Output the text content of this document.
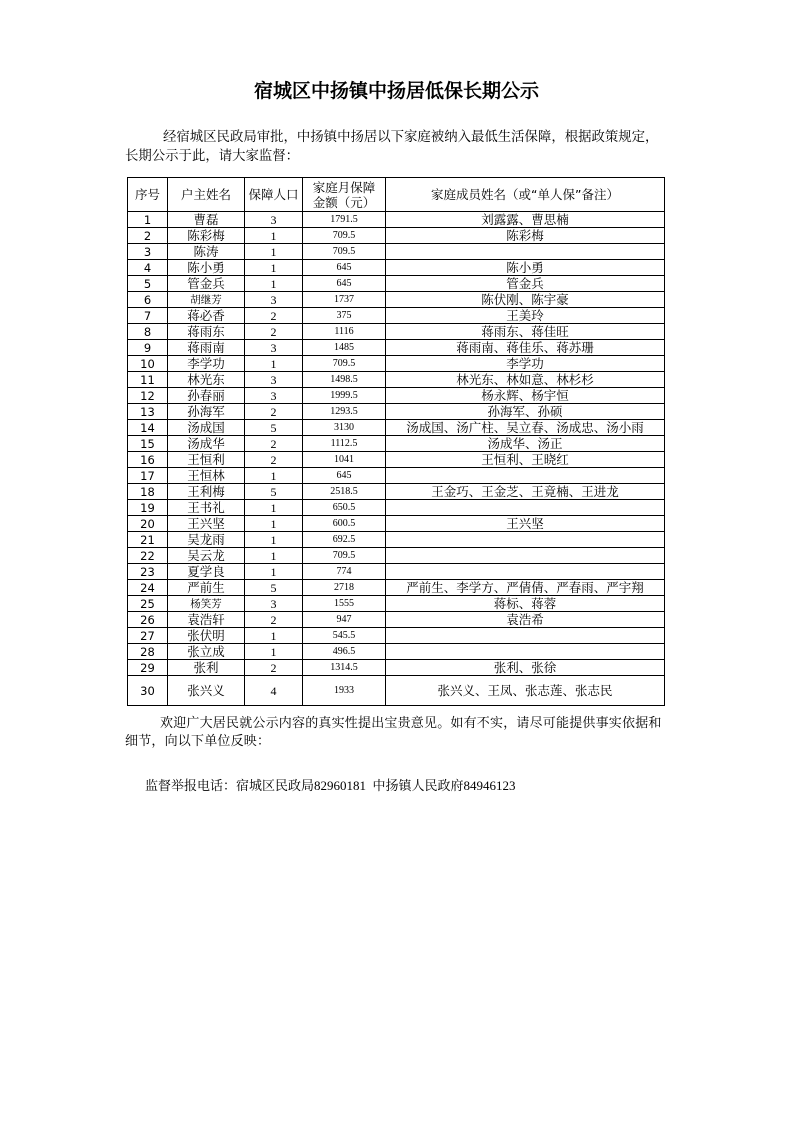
宿城区中扬镇中扬居低保长期公示
经宿城区民政局审批，中扬镇中扬居以下家庭被纳入最低生活保障，根据政策规定，长期公示于此，请大家监督：
序号	户主姓名	保障人口	家庭月保障
金额（元）	家庭成员姓名（或“单人保”备注）
1	曹磊	3	1791.5	刘露露、曹思楠
2	陈彩梅	1	709.5	陈彩梅
3	陈涛	1	709.5	
4	陈小勇	1	645	陈小勇
5	管金兵	1	645	管金兵
6	胡继芳	3	1737	陈伏刚、陈宇豪
7	蒋必香	2	375	王美玲
8	蒋雨东	2	1116	蒋雨东、蒋佳旺
9	蒋雨南	3	1485	蒋雨南、蒋佳乐、蒋苏珊
10	李学功	1	709.5	李学功
11	林光东	3	1498.5	林光东、林如意、林杉杉
12	孙春丽	3	1999.5	杨永辉、杨宇恒
13	孙海军	2	1293.5	孙海军、孙硕
14	汤成国	5	3130	汤成国、汤广柱、吴立春、汤成忠、汤小雨
15	汤成华	2	1112.5	汤成华、汤正
16	王恒利	2	1041	王恒利、王晓红
17	王恒林	1	645	
18	王利梅	5	2518.5	王金巧、王金芝、王竟楠、王进龙
19	王书礼	1	650.5	
20	王兴坚	1	600.5	王兴坚
21	吴龙雨	1	692.5	
22	吴云龙	1	709.5	
23	夏学良	1	774	
24	严前生	5	2718	严前生、李学方、严倩倩、严春雨、严宇翔
25	杨笑芳	3	1555	蒋标、蒋蓉
26	袁浩轩	2	947	袁浩希
27	张伏明	1	545.5	
28	张立成	1	496.5	
29	张利	2	1314.5	张利、张徐
30	张兴义	4	1933	张兴义、王凤、张志莲、张志民
欢迎广大居民就公示内容的真实性提出宝贵意见。如有不实，请尽可能提供事实依据和细节，向以下单位反映：
监督举报电话：宿城区民政局82960181  中扬镇人民政府84946123
